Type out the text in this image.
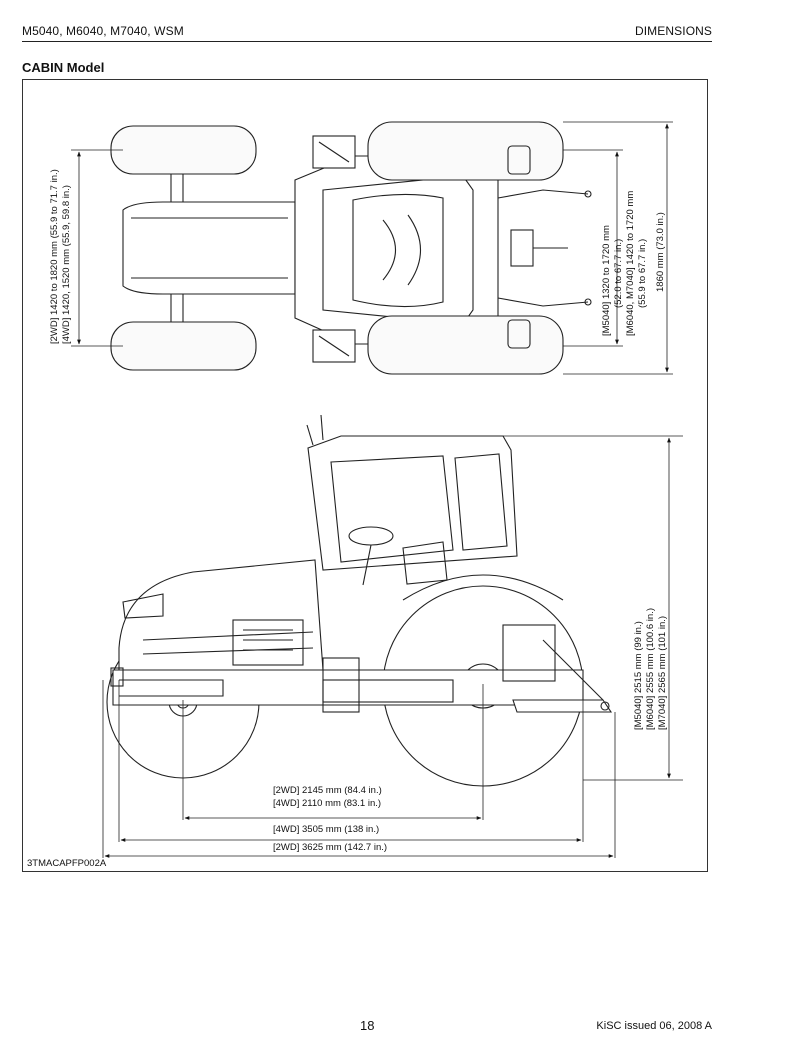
M5040, M6040, M7040, WSM	DIMENSIONS
CABIN Model
[2WD] 1420 to 1820 mm (55.9 to 71.7 in.) [4WD] 1420, 1520 mm (55.9, 59.8 in.)	[M5040] 1320 to 1720 mm (52.0 to 67.7 in.) [M6040, M7040] 1420 to 1720 mm (55.9 to 67.7 in.) 1860 mm (73.0 in.)
[M5040] 2515 mm (99 in.) [M6040] 2555 mm (100.6 in.) [M7040] 2565 mm (101 in.)
[2WD] 2145 mm (84.4 in.)
[4WD] 2110 mm (83.1 in.)
[4WD] 3505 mm (138 in.)
[2WD] 3625 mm (142.7 in.)
3TMACAPFP002A
18	KiSC issued 06, 2008 A
